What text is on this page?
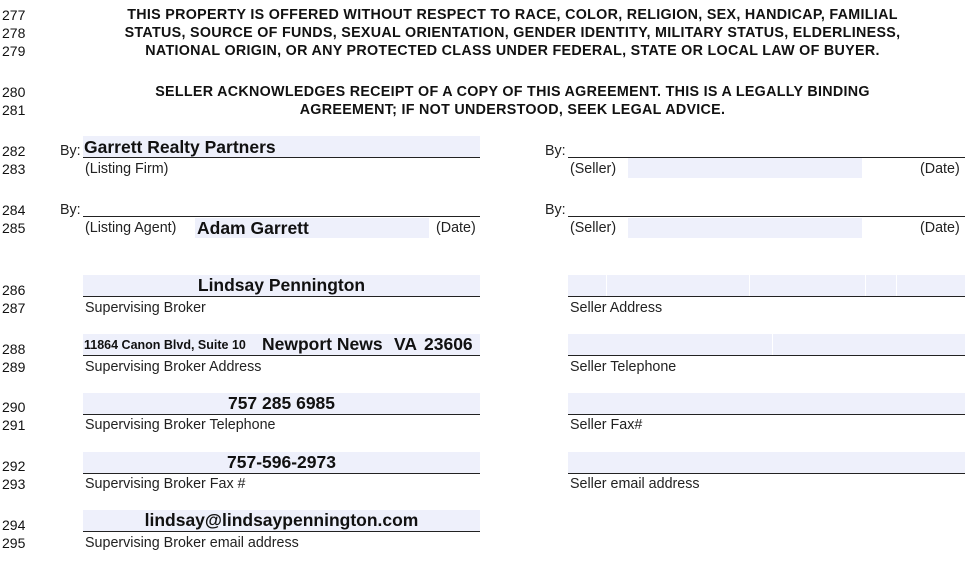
277
278
279
280
281
282
283
284
285
286
287
288
289
290
291
292
293
294
295
THIS PROPERTY IS OFFERED WITHOUT RESPECT TO RACE, COLOR, RELIGION, SEX, HANDICAP, FAMILIAL
STATUS, SOURCE OF FUNDS, SEXUAL ORIENTATION, GENDER IDENTITY, MILITARY STATUS, ELDERLINESS,
NATIONAL ORIGIN, OR ANY PROTECTED CLASS UNDER FEDERAL, STATE OR LOCAL LAW OF BUYER.
SELLER ACKNOWLEDGES RECEIPT OF A COPY OF THIS AGREEMENT. THIS IS A LEGALLY BINDING
AGREEMENT; IF NOT UNDERSTOOD, SEEK LEGAL ADVICE.
By: Garrett Realty Partners
(Listing Firm)
By:
(Seller)	(Date)
By:
(Listing Agent) Adam Garrett	(Date)
By:
(Seller)	(Date)
Lindsay Pennington
Supervising Broker	Seller Address
11864 Canon Blvd, Suite 10 Newport News VA 23606
Supervising Broker Address	Seller Telephone
757 285 6985
Supervising Broker Telephone	Seller Fax#
757-596-2973
Supervising Broker Fax #	Seller email address
lindsay@lindsaypennington.com
Supervising Broker email address
